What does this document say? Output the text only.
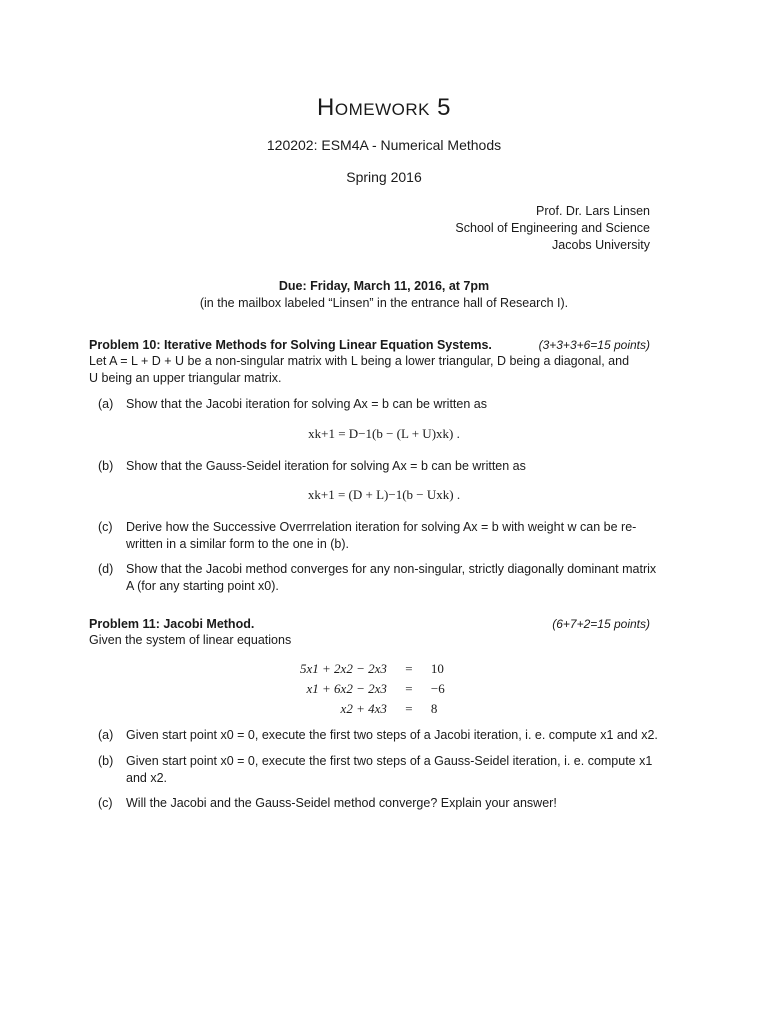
Homework 5
120202: ESM4A - Numerical Methods
Spring 2016
Prof. Dr. Lars Linsen
School of Engineering and Science
Jacobs University
Due: Friday, March 11, 2016, at 7pm
(in the mailbox labeled “Linsen” in the entrance hall of Research I).
Problem 10: Iterative Methods for Solving Linear Equation Systems.	(3+3+3+6=15 points)
Let A = L + D + U be a non-singular matrix with L being a lower triangular, D being a diagonal, and
U being an upper triangular matrix.
(a) Show that the Jacobi iteration for solving Ax = b can be written as
xk+1 = D−1(b − (L + U)xk) .
(b) Show that the Gauss-Seidel iteration for solving Ax = b can be written as
xk+1 = (D + L)−1(b − Uxk) .
(c) Derive how the Successive Overrrelation iteration for solving Ax = b with weight w can be re-
written in a similar form to the one in (b).
(d) Show that the Jacobi method converges for any non-singular, strictly diagonally dominant matrix
A (for any starting point x0).
Problem 11: Jacobi Method.	(6+7+2=15 points)
Given the system of linear equations
5x1 + 2x2 − 2x3	=	10
x1 + 6x2 − 2x3	=	−6
x2 + 4x3	=	8
(a) Given start point x0 = 0, execute the first two steps of a Jacobi iteration, i. e. compute x1 and x2.
(b) Given start point x0 = 0, execute the first two steps of a Gauss-Seidel iteration, i. e. compute x1
and x2.
(c) Will the Jacobi and the Gauss-Seidel method converge? Explain your answer!
